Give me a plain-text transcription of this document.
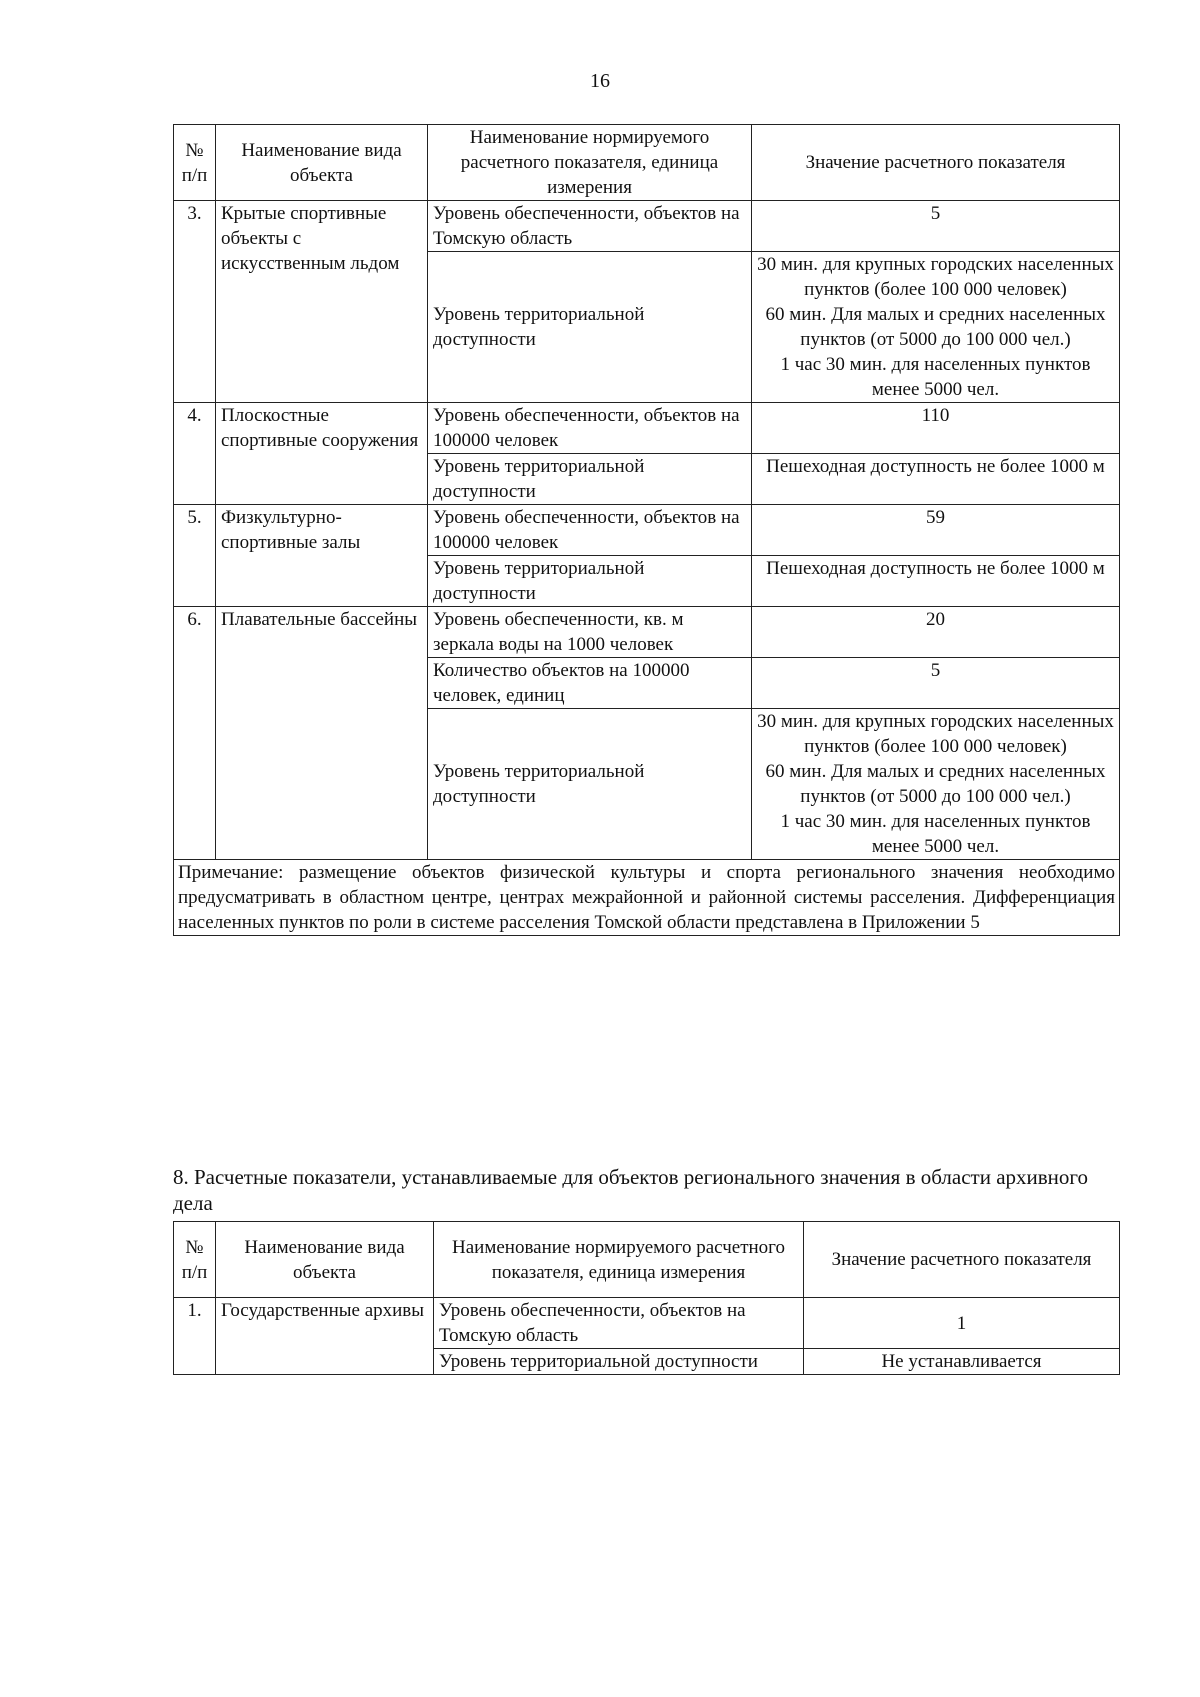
16
№ п/п	Наименование вида объекта	Наименование нормируемого расчетного показателя, единица измерения	Значение расчетного показателя
3.	Крытые спортивные объекты с искусственным льдом	Уровень обеспеченности, объектов на Томскую область	5
		Уровень территориальной доступности	30 мин. для крупных городских населенных пунктов (более 100 000 человек)
60 мин. Для малых и средних населенных пунктов (от 5000 до 100 000 чел.)
1 час 30 мин. для населенных пунктов менее 5000 чел.

4.	Плоскостные спортивные сооружения	Уровень обеспеченности, объектов на 100000 человек	110
		Уровень территориальной доступности	Пешеходная доступность не более 1000 м
5.	Физкультурно-спортивные залы	Уровень обеспеченности, объектов на 100000 человек	59
		Уровень территориальной доступности	Пешеходная доступность не более 1000 м
6.	Плавательные бассейны	Уровень обеспеченности, кв. м зеркала воды на 1000 человек	20
		Количество объектов на 100000 человек, единиц	5
		Уровень территориальной доступности	30 мин. для крупных городских населенных пунктов (более 100 000 человек)
60 мин. Для малых и средних населенных пунктов (от 5000 до 100 000 чел.)
1 час 30 мин. для населенных пунктов менее 5000 чел.

Примечание: размещение объектов физической культуры и спорта регионального значения необходимо предусматривать в областном центре, центрах межрайонной и районной системы расселения. Дифференциация населенных пунктов по роли в системе расселения Томской области представлена в Приложении 5			
8. Расчетные показатели, устанавливаемые для объектов регионального значения в области архивного дела
№ п/п	Наименование вида объекта	Наименование нормируемого расчетного показателя, единица измерения	Значение расчетного показателя
1.	Государственные архивы	Уровень обеспеченности, объектов на Томскую область	1
		Уровень территориальной доступности	Не устанавливается
